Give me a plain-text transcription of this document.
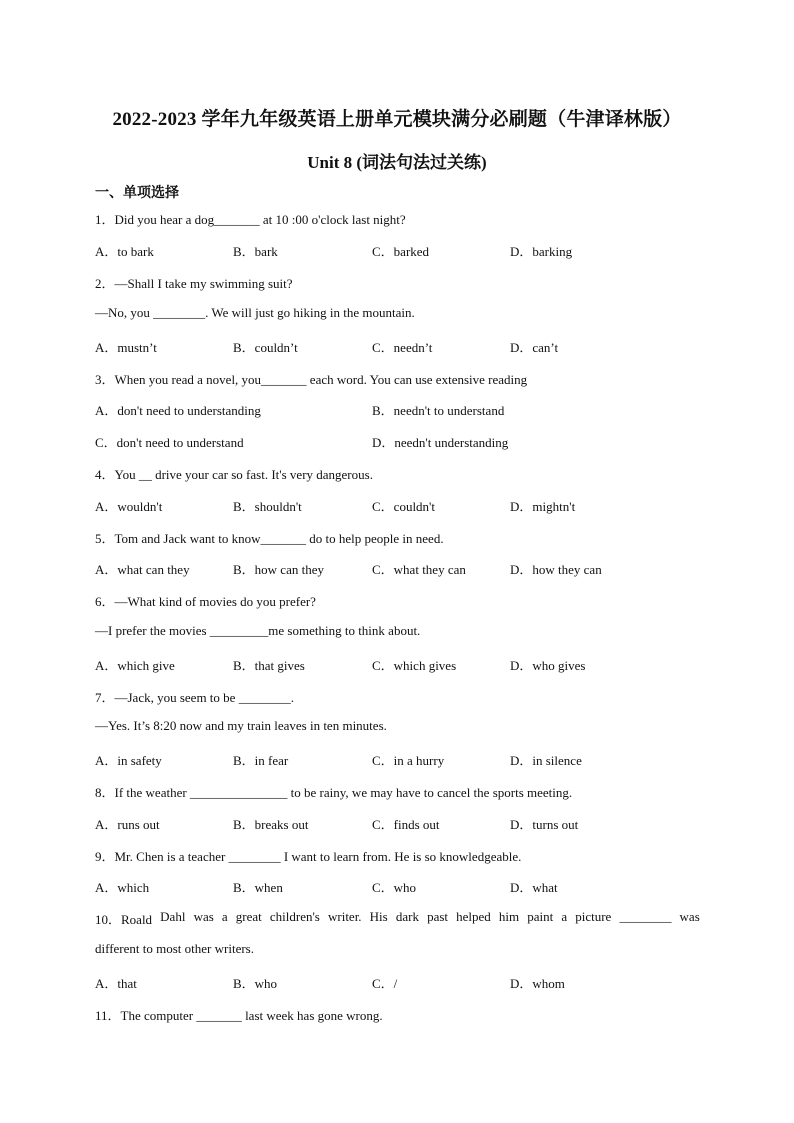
2022-2023 学年九年级英语上册单元模块满分必刷题（牛津译林版）
Unit 8 (词法句法过关练)
一、单项选择
1．Did you hear a dog_______ at 10 :00 o'clock last night?
A．to bark	B．bark	C．barked	D．barking
2．—Shall I take my swimming suit?
—No, you ________. We will just go hiking in the mountain.
A．mustn’t	B．couldn’t	C．needn’t	D．can’t
3．When you read a novel, you_______ each word. You can use extensive reading
A．don't need to understanding	B．needn't to understand
C．don't need to understand	D．needn't understanding
4．You __ drive your car so fast. It's very dangerous.
A．wouldn't	B．shouldn't	C．couldn't	D．mightn't
5．Tom and Jack want to know_______ do to help people in need.
A．what can they	B．how can they	C．what they can	D．how they can
6．—What kind of movies do you prefer?
—I prefer the movies _________me something to think about.
A．which give	B．that gives	C．which gives	D．who gives
7．—Jack, you seem to be ________.
—Yes. It’s 8:20 now and my train leaves in ten minutes.
A．in safety	B．in fear	C．in a hurry	D．in silence
8．If the weather _______________ to be rainy, we may have to cancel the sports meeting.
A．runs out	B．breaks out	C．finds out	D．turns out
9．Mr. Chen is a teacher ________ I want to learn from. He is so knowledgeable.
A．which	B．when	C．who	D．what
10．Roald Dahl was a great children's writer. His dark past helped him paint a picture ________ was
different to most other writers.
A．that	B．who	C．/	D．whom
11．The computer _______ last week has gone wrong.
